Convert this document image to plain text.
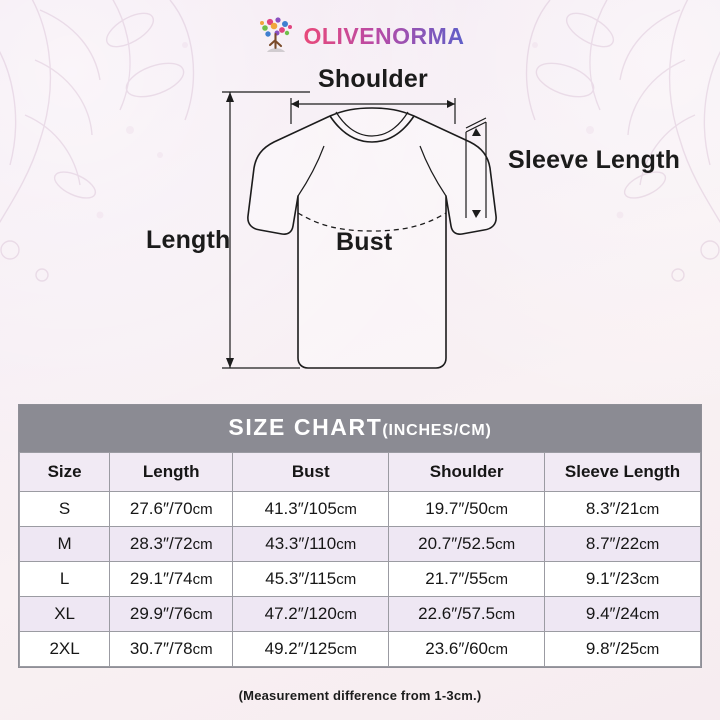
OLIVENORMA
Shoulder
Sleeve Length
Length	Bust
SIZE CHART(INCHES/CM)
Size	Length	Bust	Shoulder	Sleeve Length
S	27.6″/70cm	41.3″/105cm	19.7″/50cm	8.3″/21cm
M	28.3″/72cm	43.3″/110cm	20.7″/52.5cm	8.7″/22cm
L	29.1″/74cm	45.3″/115cm	21.7″/55cm	9.1″/23cm
XL	29.9″/76cm	47.2″/120cm	22.6″/57.5cm	9.4″/24cm
2XL	30.7″/78cm	49.2″/125cm	23.6″/60cm	9.8″/25cm
(Measurement difference from 1-3cm.)
